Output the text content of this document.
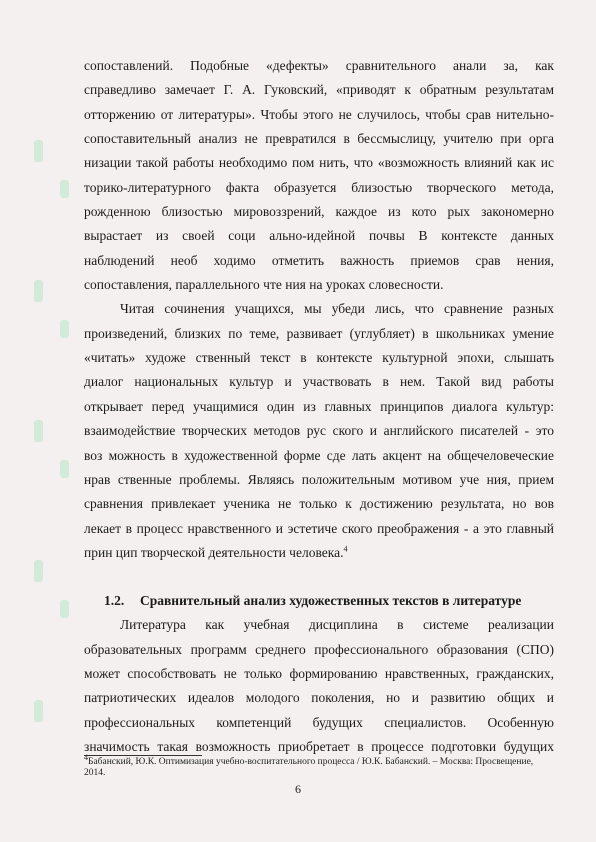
сопоставлений. Подобные «дефекты» сравнительного анали за, как
справедливо замечает Г. А. Гуковский, «приводят к обратным результатам
отторжению от литературы». Чтобы этого не случилось, чтобы срав нительно-
сопоставительный анализ не превратился в бессмыслицу, учителю при орга
низации такой работы необходимо пом нить, что «возможность влияний как ис
торико-литературного факта образуется близостью творческого метода,
рожденною близостью мировоззрений, каждое из кото рых закономерно
вырастает из своей соци ально-идейной почвы В контексте данных
наблюдений необ ходимо отметить важность приемов срав нения,
сопоставления, параллельного чте ния на уроках словесности.
Читая сочинения учащихся, мы убеди лись, что сравнение разных
произведений, близких по теме, развивает (углубляет) в школьниках умение
«читать» художе ственный текст в контексте культурной эпохи, слышать
диалог национальных культур и участвовать в нем. Такой вид работы
открывает перед учащимися один из главных принципов диалога культур:
взаимодействие творческих методов рус ского и английского писателей - это
воз можность в художественной форме сде лать акцент на общечеловеческие
нрав ственные проблемы. Являясь положительным мотивом уче ния, прием
сравнения привлекает ученика не только к достижению результата, но вов
лекает в процесс нравственного и эстетиче ского преображения - а это главный
прин цип творческой деятельности человека.$^4$
1.2. Сравнительный анализ художественных текстов в литературе
Литература как учебная дисциплина в системе реализации
образовательных программ среднего профессионального образования (СПО)
может способствовать не только формированию нравственных, гражданских,
патриотических идеалов молодого поколения, но и развитию общих и
профессиональных компетенций будущих специалистов. Особенную
значимость такая возможность приобретает в процессе подготовки будущих
$^4$Бабанский, Ю.К. Оптимизация учебно-воспитательного процесса / Ю.К. Бабанский. – Москва: Просвещение, 2014.
6
